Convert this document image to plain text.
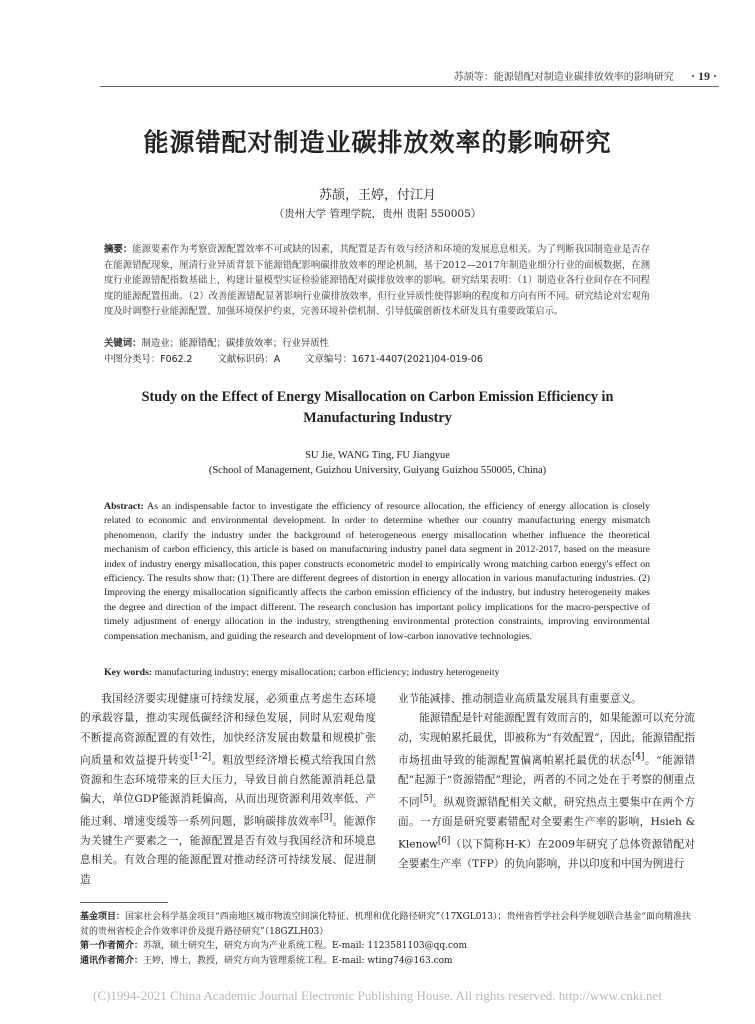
苏颉等：能源错配对制造业碳排放效率的影响研究 · 19 ·
能源错配对制造业碳排放效率的影响研究
苏颉，王婷，付江月
（贵州大学 管理学院，贵州 贵阳 550005）
摘要：能源要素作为考察资源配置效率不可或缺的因素，其配置是否有效与经济和环境的发展息息相关。为了判断我国制造业是否存在能源错配现象，厘清行业异质背景下能源错配影响碳排放效率的理论机制，基于2012—2017年制造业细分行业的面板数据，在测度行业能源错配指数基础上，构建计量模型实证检验能源错配对碳排放效率的影响。研究结果表明：（1）制造业各行业间存在不同程度的能源配置扭曲。（2）改善能源错配显著影响行业碳排放效率，但行业异质性使得影响的程度和方向有所不同。研究结论对宏观角度及时调整行业能源配置、加强环境保护约束，完善环境补偿机制、引导低碳创新技术研发具有重要政策启示。
关键词：制造业；能源错配；碳排放效率；行业异质性
中图分类号：F062.2	文献标识码：A	文章编号：1671-4407(2021)04-019-06
Study on the Effect of Energy Misallocation on Carbon Emission Efficiency in Manufacturing Industry
SU Jie, WANG Ting, FU Jiangyue
(School of Management, Guizhou University, Guiyang Guizhou 550005, China)
Abstract: As an indispensable factor to investigate the efficiency of resource allocation, the efficiency of energy allocation is closely related to economic and environmental development. In order to determine whether our country manufacturing energy mismatch phenomenon, clarify the industry under the background of heterogeneous energy misallocation whether influence the theoretical mechanism of carbon efficiency, this article is based on manufacturing industry panel data segment in 2012-2017, based on the measure index of industry energy misallocation, this paper constructs econometric model to empirically wrong matching carbon energy's effect on efficiency. The results show that: (1) There are different degrees of distortion in energy allocation in various manufacturing industries. (2) Improving the energy misallocation significantly affects the carbon emission efficiency of the industry, but industry heterogeneity makes the degree and direction of the impact different. The research conclusion has important policy implications for the macro-perspective of timely adjustment of energy allocation in the industry, strengthening environmental protection constraints, improving environmental compensation mechanism, and guiding the research and development of low-carbon innovative technologies.
Key words: manufacturing industry; energy misallocation; carbon efficiency; industry heterogeneity

我国经济要实现健康可持续发展，必须重点考虑生态环境的承载容量，推动实现低碳经济和绿色发展，同时从宏观角度不断提高资源配置的有效性，加快经济发展由数量和规模扩张向质量和效益提升转变[1-2]。粗放型经济增长模式给我国自然资源和生态环境带来的巨大压力，导致目前自然能源消耗总量偏大，单位GDP能源消耗偏高，从而出现资源利用效率低、产能过剩、增速变缓等一系列问题，影响碳排放效率[3]。能源作为关键生产要素之一，能源配置是否有效与我国经济和环境息息相关。有效合理的能源配置对推动经济可持续发展、促进制造

业节能减排、推动制造业高质量发展具有重要意义。

能源错配是针对能源配置有效而言的，如果能源可以充分流动，实现帕累托最优，即被称为“有效配置”，因此，能源错配指市场扭曲导致的能源配置偏离帕累托最优的状态[4]。“能源错配”起源于“资源错配”理论，两者的不同之处在于考察的侧重点不同[5]。纵观资源错配相关文献，研究热点主要集中在两个方面。一方面是研究要素错配对全要素生产率的影响，Hsieh & Klenow[6]（以下简称H-K）在2009年研究了总体资源错配对全要素生产率（TFP）的负向影响，并以印度和中国为例进行

基金项目：国家社会科学基金项目“西南地区城市物流空间演化特征、机理和优化路径研究”（17XGL013）；贵州省哲学社会科学规划联合基金“面向精准扶贫的贵州省校企合作效率评价及提升路径研究”（18GZLH03）

第一作者简介：苏颉，硕士研究生，研究方向为产业系统工程。E-mail: 1123581103@qq.com

通讯作者简介：王婷，博士，教授，研究方向为管理系统工程。E-mail: wting74@163.com

(C)1994-2021 China Academic Journal Electronic Publishing House. All rights reserved. http://www.cnki.net
